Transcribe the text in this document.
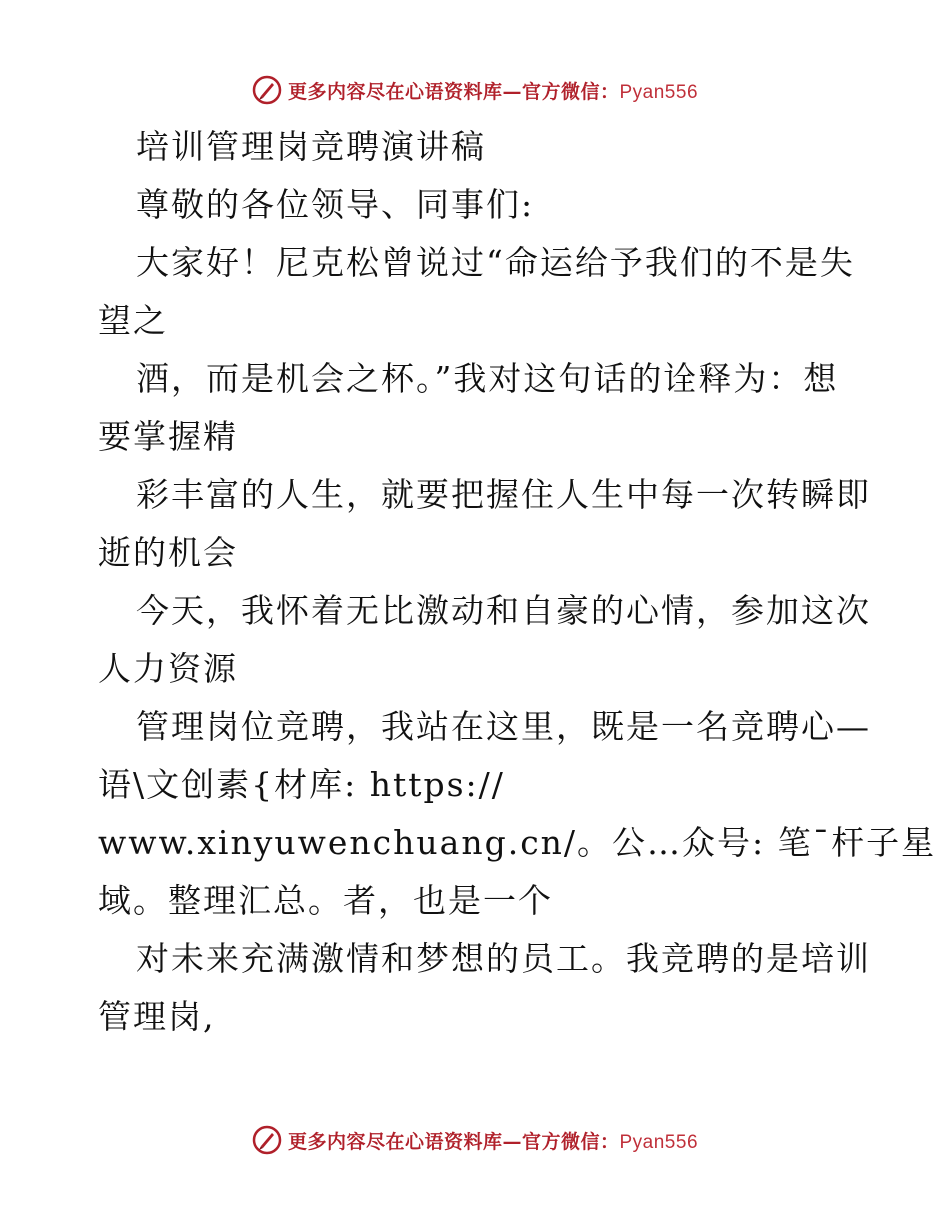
更多内容尽在心语资料库—官方微信：Pyan556
培训管理岗竞聘演讲稿
尊敬的各位领导、同事们:
大家好！尼克松曾说过“命运给予我们的不是失
望之
酒，而是机会之杯。”我对这句话的诠释为：想
要掌握精
彩丰富的人生，就要把握住人生中每一次转瞬即
逝的机会
今天，我怀着无比激动和自豪的心情，参加这次
人力资源
管理岗位竞聘，我站在这里，既是一名竞聘心—
语\文创素{材库: https://
www.xinyuwenchuang.cn/。公…众号: 笔¯杆子星
域。整理汇总。者，也是一个
对未来充满激情和梦想的员工。我竞聘的是培训
管理岗,
更多内容尽在心语资料库—官方微信：Pyan556
